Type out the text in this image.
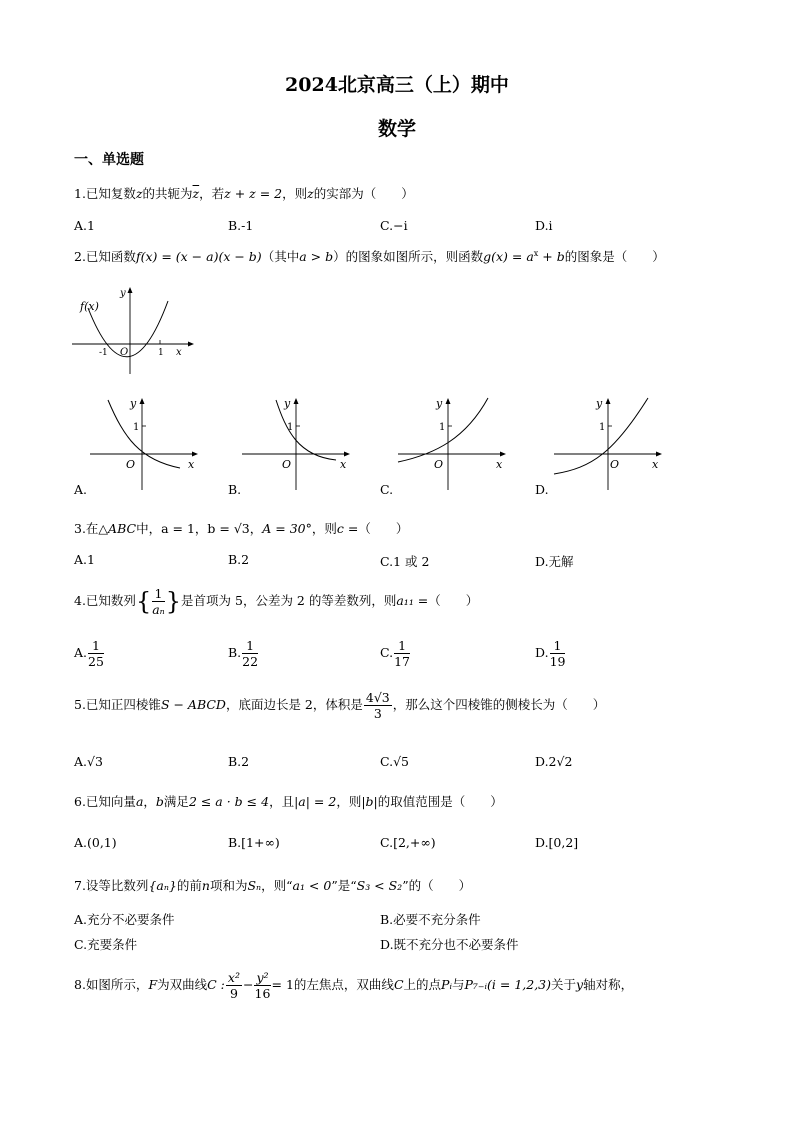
2024北京高三（上）期中
数学
一、单选题
1.已知复数z的共轭为$\overline{z}$，若z + z = 2，则z的实部为（　　）
A.1	B.-1	C.−i	D.i
2.已知函数f(x) = (x − a)(x − b)（其中a > b）的图象如图所示，则函数$g(x) = a^x + b$的图象是（　　）
f(x)
y
x
O
-1	1
y
x
O
1
y
x
O
1
y
x
O
1
y
x
O
1
A.	B.	C.	D.
3.在△ABC中，a = 1，b = √3，A = 30°，则c =（　　）
A.1	B.2	C.1 或 2	D.无解
4.已知数列{ $\frac{1}{\text{aₙ}}$ }是首项为 5，公差为 2 的等差数列，则a₁₁ =（　　）
A. $\frac{1}{25}$	B. $\frac{1}{22}$	C. $\frac{1}{17}$	D. $\frac{1}{19}$
5.已知正四棱锥S − ABCD，底面边长是 2，体积是 $\frac{4√3}{3}$ ，那么这个四棱锥的侧棱长为（　　）
A.√3	B.2	C.√5	D.2√2
6.已知向量a，b满足2 ≤ a · b ≤ 4，且|a| = 2，则|b|的取值范围是（　　）
A.(0,1)	B.[1+∞)	C.[2,+∞)	D.[0,2]
7.设等比数列{aₙ}的前n项和为Sₙ，则“a₁ < 0”是“S₃ < S₂”的（　　）
A.充分不必要条件	B.必要不充分条件
C.充要条件	D.既不充分也不必要条件
8.如图所示，F为双曲线C : $\frac{\text{x²}}{9} - \frac{\text{y²}}{16} = 1$的左焦点，双曲线C上的点Pᵢ与P₇₋ᵢ(i = 1,2,3)关于y轴对称，
